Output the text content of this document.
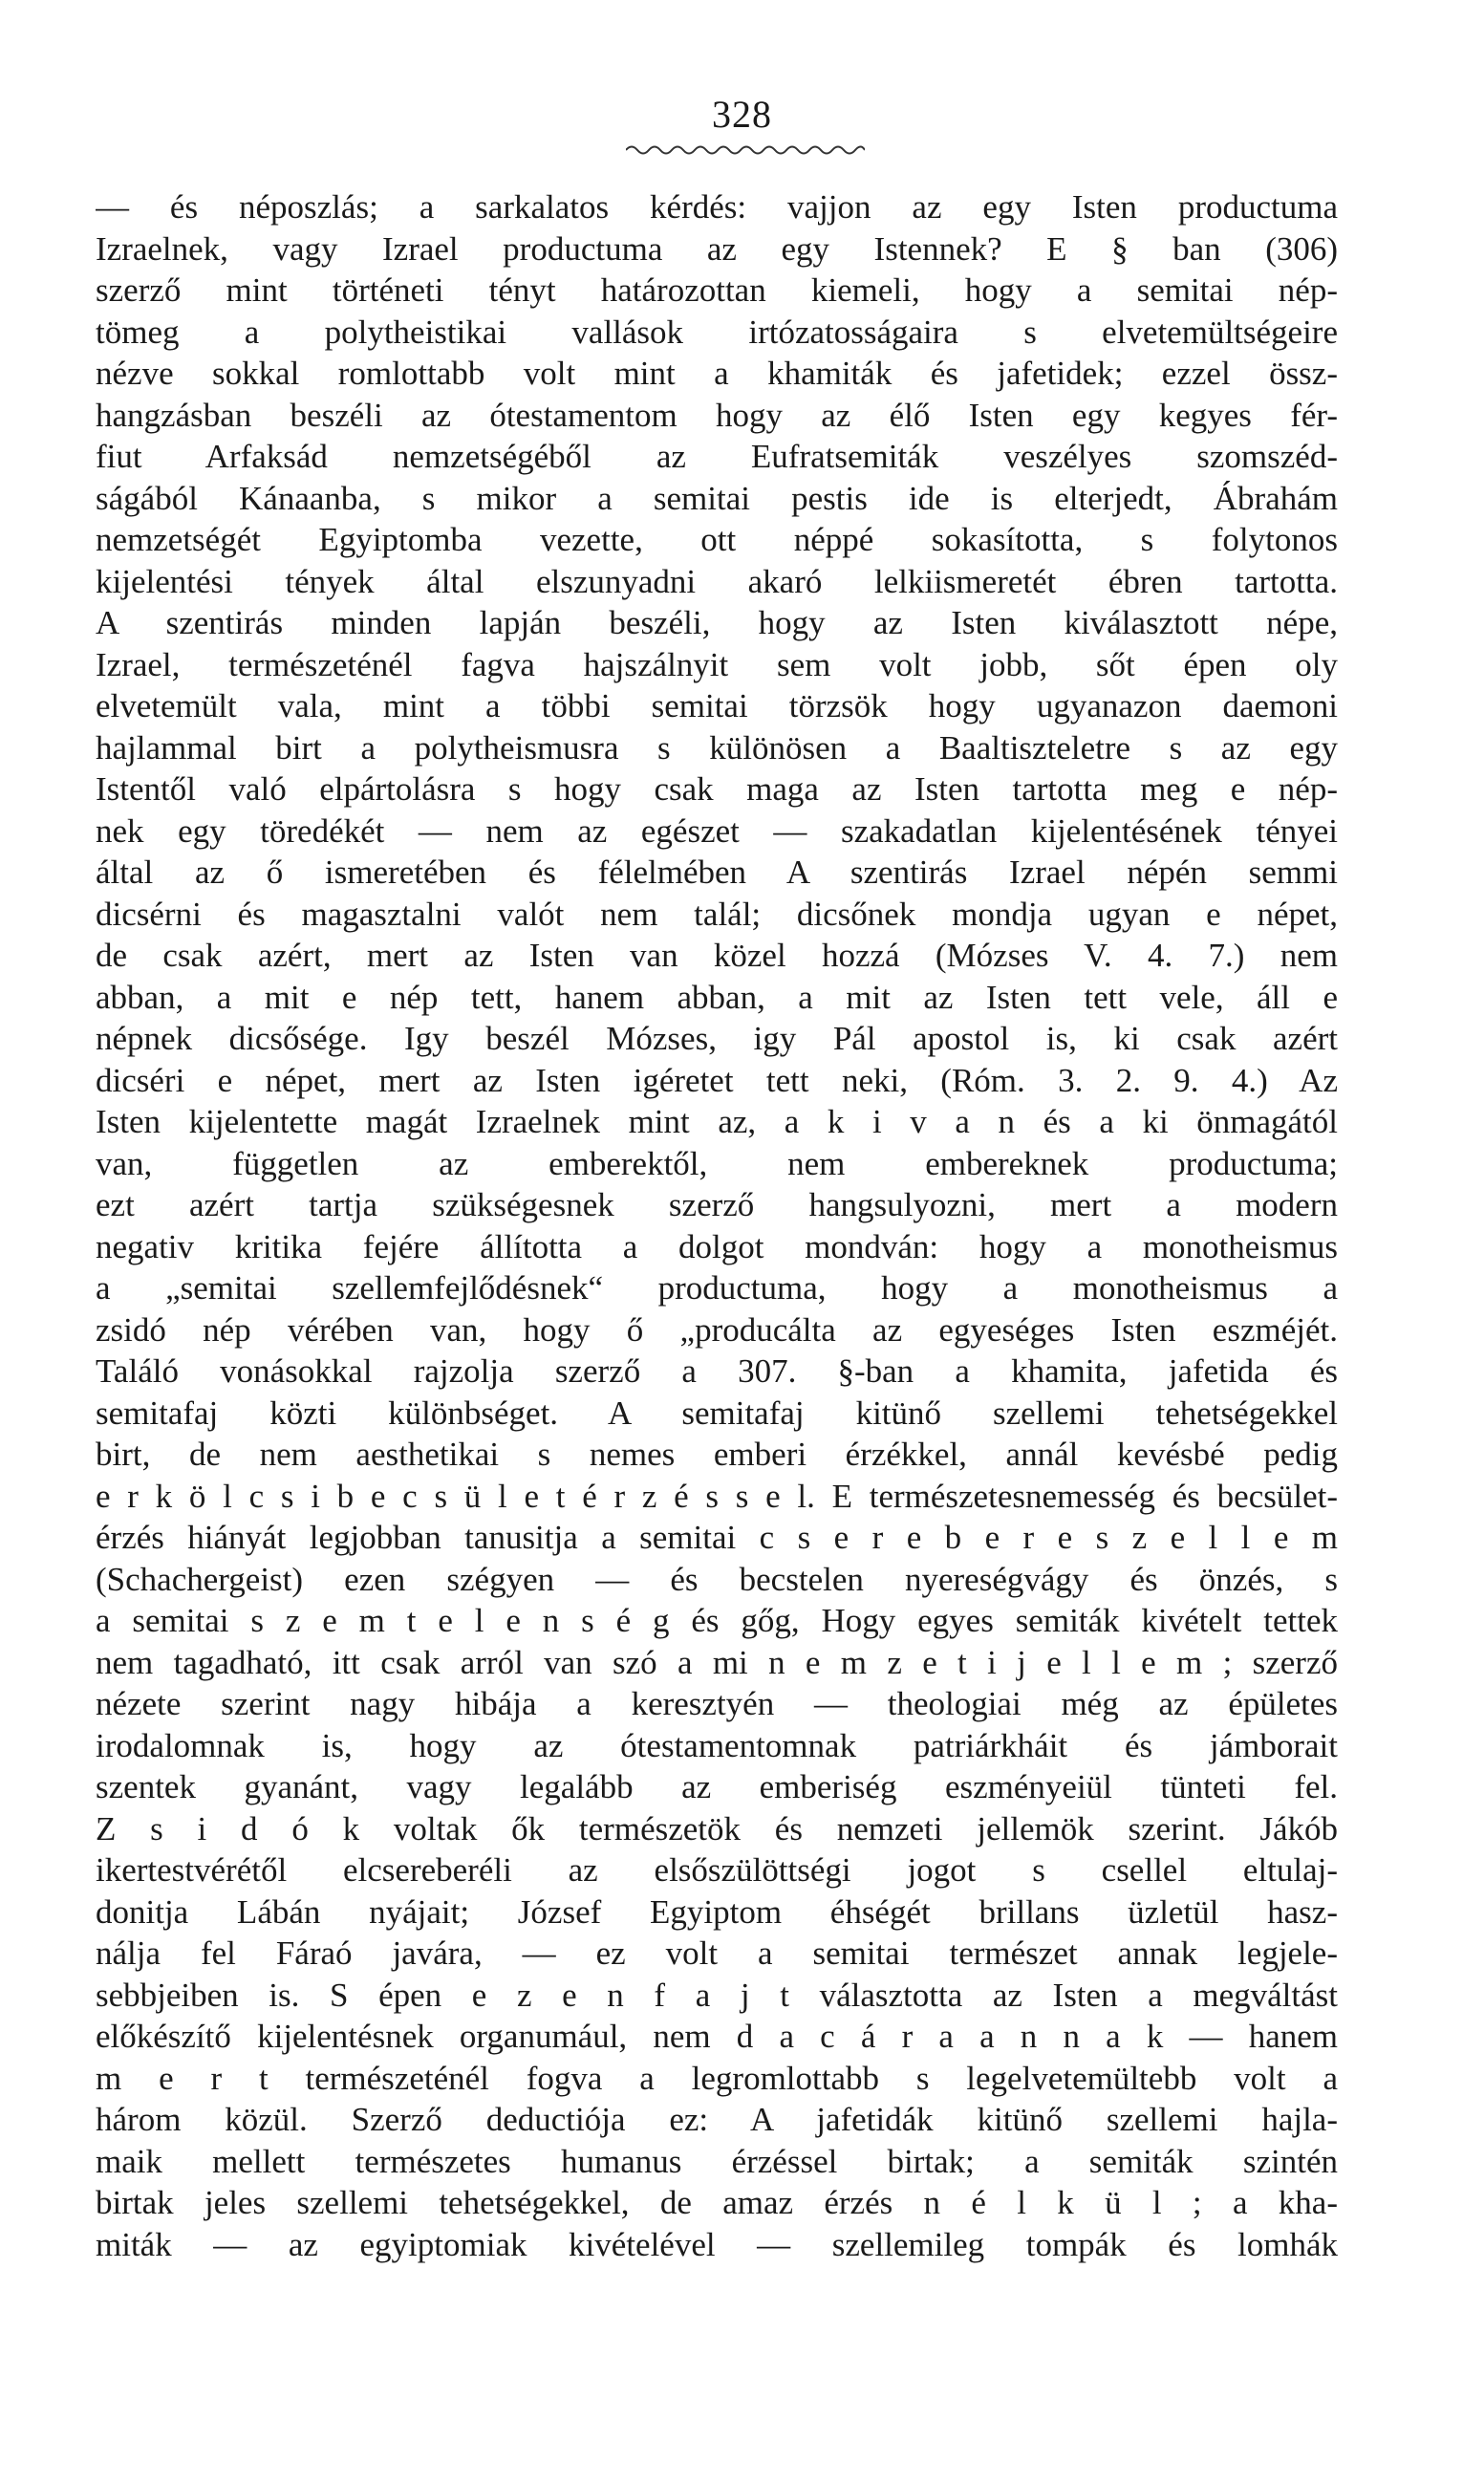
328
— és néposzlás; a sarkalatos kérdés: vajjon az egy Isten productuma
Izraelnek, vagy Izrael productuma az egy Istennek? E § ban (306)
szerző mint történeti tényt határozottan kiemeli, hogy a semitai nép-
tömeg a polytheistikai vallások irtózatosságaira s elvetemültségeire
nézve sokkal romlottabb volt mint a khamiták és jafetidek; ezzel össz-
hangzásban beszéli az ótestamentom hogy az élő Isten egy kegyes fér-
fiut Arfaksád nemzetségéből az Eufratsemiták veszélyes szomszéd-
ságából Kánaanba, s mikor a semitai pestis ide is elterjedt, Ábrahám
nemzetségét Egyiptomba vezette, ott néppé sokasította, s folytonos
kijelentési tények által elszunyadni akaró lelkiismeretét ébren tartotta.
A szentirás minden lapján beszéli, hogy az Isten kiválasztott népe,
Izrael, természeténél fagva hajszálnyit sem volt jobb, sőt épen oly
elvetemült vala, mint a többi semitai törzsök hogy ugyanazon daemoni
hajlammal birt a polytheismusra s különösen a Baaltiszteletre s az egy
Istentől való elpártolásra s hogy csak maga az Isten tartotta meg e nép-
nek egy töredékét — nem az egészet — szakadatlan kijelentésének tényei
által az ő ismeretében és félelmében A szentirás Izrael népén semmi
dicsérni és magasztalni valót nem talál; dicsőnek mondja ugyan e népet,
de csak azért, mert az Isten van közel hozzá (Mózses V. 4. 7.) nem
abban, a mit e nép tett, hanem abban, a mit az Isten tett vele, áll e
népnek dicsősége. Igy beszél Mózses, igy Pál apostol is, ki csak azért
dicséri e népet, mert az Isten igéretet tett neki, (Róm. 3. 2. 9. 4.) Az
Isten kijelentette magát Izraelnek mint az, a k i v a n és a ki önmagától
van, független az emberektől, nem embereknek productuma;
ezt azért tartja szükségesnek szerző hangsulyozni, mert a modern
negativ kritika fejére állította a dolgot mondván: hogy a monotheismus
a „semitai szellemfejlődésnek“ productuma, hogy a monotheismus a
zsidó nép vérében van, hogy ő „producálta az egyeséges Isten eszméjét.
Találó vonásokkal rajzolja szerző a 307. §-ban a khamita, jafetida és
semitafaj közti különbséget. A semitafaj kitünő szellemi tehetségekkel
birt, de nem aesthetikai s nemes emberi érzékkel, annál kevésbé pedig
e r k ö l c s i b e c s ü l e t é r z é s s e l. E természetesnemesség és becsület-
érzés hiányát legjobban tanusitja a semitai c s e r e b e r e s z e l l e m
(Schachergeist) ezen szégyen — és becstelen nyereségvágy és önzés, s
a semitai s z e m t e l e n s é g és gőg, Hogy egyes semiták kivételt tettek
nem tagadható, itt csak arról van szó a mi n e m z e t i j e l l e m ; szerző
nézete szerint nagy hibája a keresztyén — theologiai még az épületes
irodalomnak is, hogy az ótestamentomnak patriárkháit és jámborait
szentek gyanánt, vagy legalább az emberiség eszményeiül tünteti fel.
Z s i d ó k voltak ők természetök és nemzeti jellemök szerint. Jákób
ikertestvérétől elcsereberéli az elsőszülöttségi jogot s csellel eltulaj-
donitja Lábán nyájait; József Egyiptom éhségét brillans üzletül hasz-
nálja fel Fáraó javára, — ez volt a semitai természet annak legjele-
sebbjeiben is. S épen e z e n f a j t választotta az Isten a megváltást
előkészítő kijelentésnek organumául, nem d a c á r a a n n a k — hanem
m e r t természeténél fogva a legromlottabb s legelvetemültebb volt a
három közül. Szerző deductiója ez: A jafetidák kitünő szellemi hajla-
maik mellett természetes humanus érzéssel birtak; a semiták szintén
birtak jeles szellemi tehetségekkel, de amaz érzés n é l k ü l ; a kha-
miták — az egyiptomiak kivételével — szellemileg tompák és lomhák
